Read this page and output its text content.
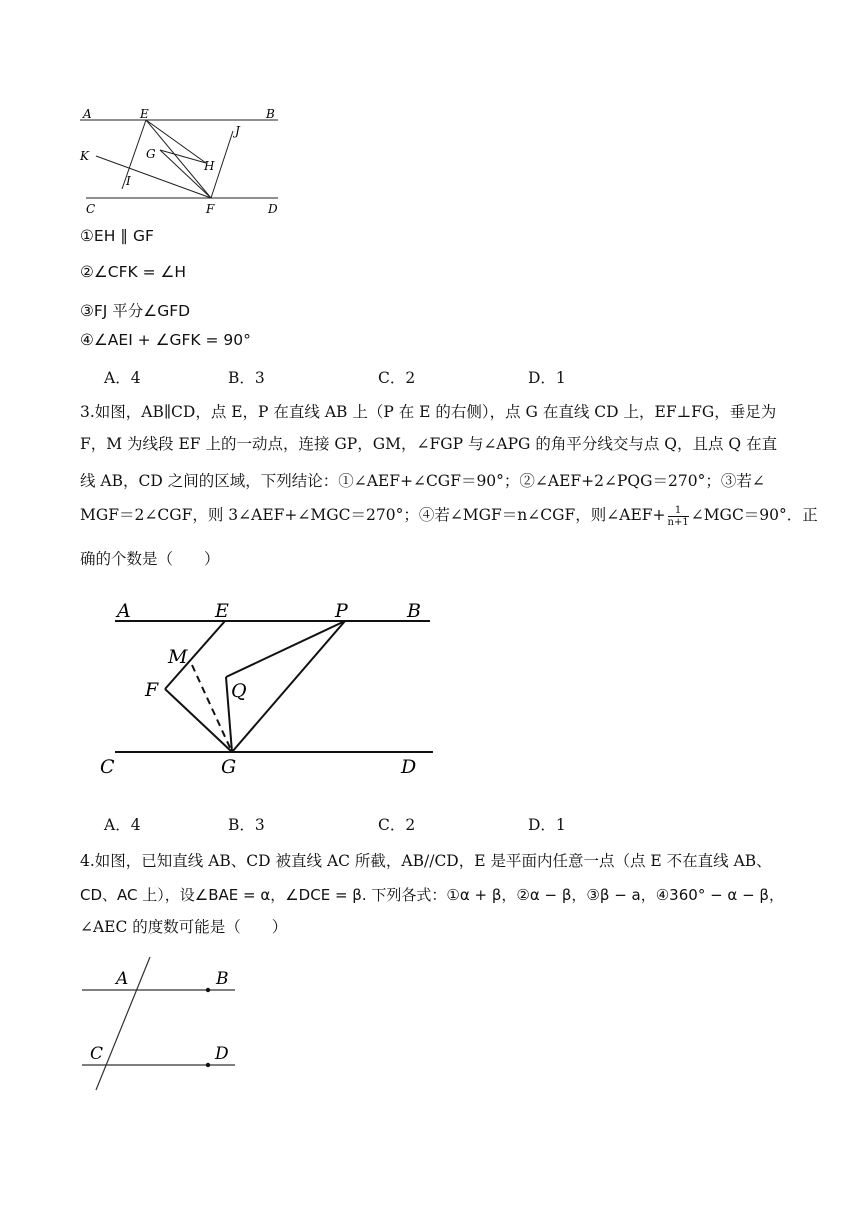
A	E	B
J
K	G
H
I
C	F	D
①EH ∥ GF
②∠CFK = ∠H
③FJ 平分∠GFD
④∠AEI + ∠GFK = 90°
A．4	B．3	C．2	D．1
3.如图，AB∥CD，点 E，P 在直线 AB 上（P 在 E 的右侧），点 G 在直线 CD 上，EF⊥FG，垂足为
F，M 为线段 EF 上的一动点，连接 GP，GM，∠FGP 与∠APG 的角平分线交与点 Q，且点 Q 在直
线 AB，CD 之间的区域，下列结论：①∠AEF+∠CGF＝90°；②∠AEF+2∠PQG＝270°；③若∠
MGF＝2∠CGF，则 3∠AEF+∠MGC＝270°；④若∠MGF＝n∠CGF，则∠AEF+ $\frac{1}{n+1}$ ∠MGC＝90°．正
确的个数是（　　）
A	E	P	B
M
F	Q
C	G	D
A．4	B．3	C．2	D．1
4.如图，已知直线 AB、CD 被直线 AC 所截，AB//CD，E 是平面内任意一点（点 E 不在直线 AB、
CD、AC 上），设∠BAE = α，∠DCE = β. 下列各式：①α + β，②α − β，③β − a，④360° − α − β，
∠AEC 的度数可能是（　　）
A	B
C	D
